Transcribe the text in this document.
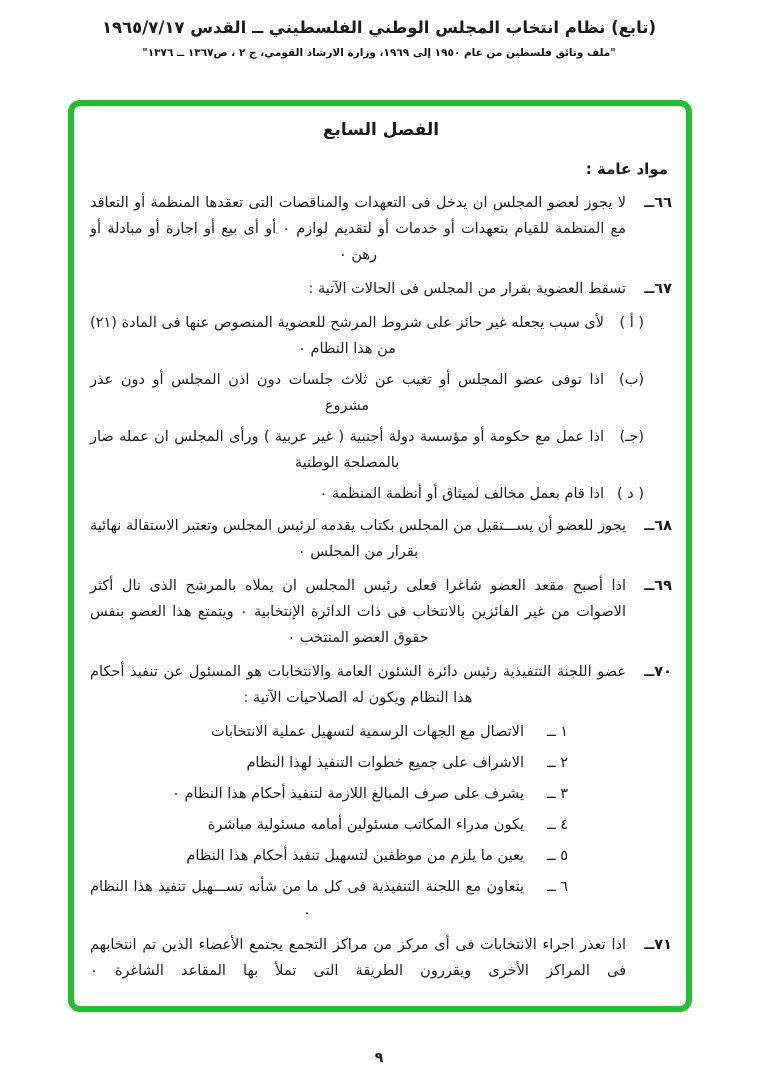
(تابع) نظام انتخاب المجلس الوطني الفلسطيني ــ القدس ١٩٦٥/٧/١٧
"ملف وثائق فلسطين من عام ١٩٥٠ إلى ١٩٦٩، وزارة الارشاد القومي، ج ٢ ، ص١٣٦٧ ــ ١٣٧٦"
الفصل السابع
مواد عامة :
٦٦ــ
لا يجوز لعضو المجلس ان يدخل فى التعهدات والمناقصات التى تعقدها المنظمة أو التعاقد مع المنظمة للقيام بتعهدات أو خدمات أو لتقديم لوازم ٠ أو أى بيع أو اجارة أو مبادلة أو رهن ٠
٦٧ــ
تسقط العضوية بقرار من المجلس فى الحالات الآتية :
( أ )
لأى سبب يجعله غير حائز على شروط المرشح للعضوية المنصوص عنها فى المادة (٢١) من هذا النظام ٠
(ب)
اذا توفى عضو المجلس أو تغيب عن ثلاث جلسات دون اذن المجلس أو دون عذر مشروع
(جـ)
اذا عمل مع حكومة أو مؤسسة دولة أجنبية ( غير عربية ) ورأى المجلس ان عمله ضار بالمصلحة الوطنية
( د )
اذا قام بعمل مخالف لميثاق أو أنظمة المنظمة ٠
٦٨ــ
يجوز للعضو أن يســـتقيل من المجلس بكتاب يقدمه لرئيس المجلس وتعتبر الاستقالة نهائية بقرار من المجلس ٠
٦٩ــ
اذا أصبح مقعد العضو شاغرا فعلى رئيس المجلس ان يملاه بالمرشح الذى نال أكثر الاصوات من غير الفائزين بالانتخاب فى ذات الدائرة الإنتخابية ٠ ويتمتع هذا العضو بنفس حقوق العضو المنتخب ٠
٧٠ــ
عضو اللجنة التنفيذية رئيس دائرة الشئون العامة والانتخابات هو المسئول عن تنفيذ أحكام هذا النظام ويكون له الصلاحيات الآتية :
١ ــ
الاتصال مع الجهات الرسمية لتسهيل عملية الانتخابات
٢ ــ
الاشراف على جميع خطوات التنفيذ لهذا النظام
٣ ــ
يشرف على صرف المبالغ اللازمة لتنفيذ أحكام هذا النظام ٠
٤ ــ
يكون مدراء المكاتب مسئولين أمامه مسئولية مباشرة
٥ ــ
يعين ما يلزم من موظفين لتسهيل تنفيذ أحكام هذا النظام
٦ ــ
يتعاون مع اللجنة التنفيذية فى كل ما من شأنه تســـهيل تنفيذ هذا النظام ٠
٧١ــ
اذا تعذر اجراء الانتخابات فى أى مركز من مراكز التجمع يجتمع الأعضاء الذين تم انتخابهم فى المراكز الأخرى ويقررون الطريقة التى تملأ بها المقاعد الشاغرة ٠
٩
